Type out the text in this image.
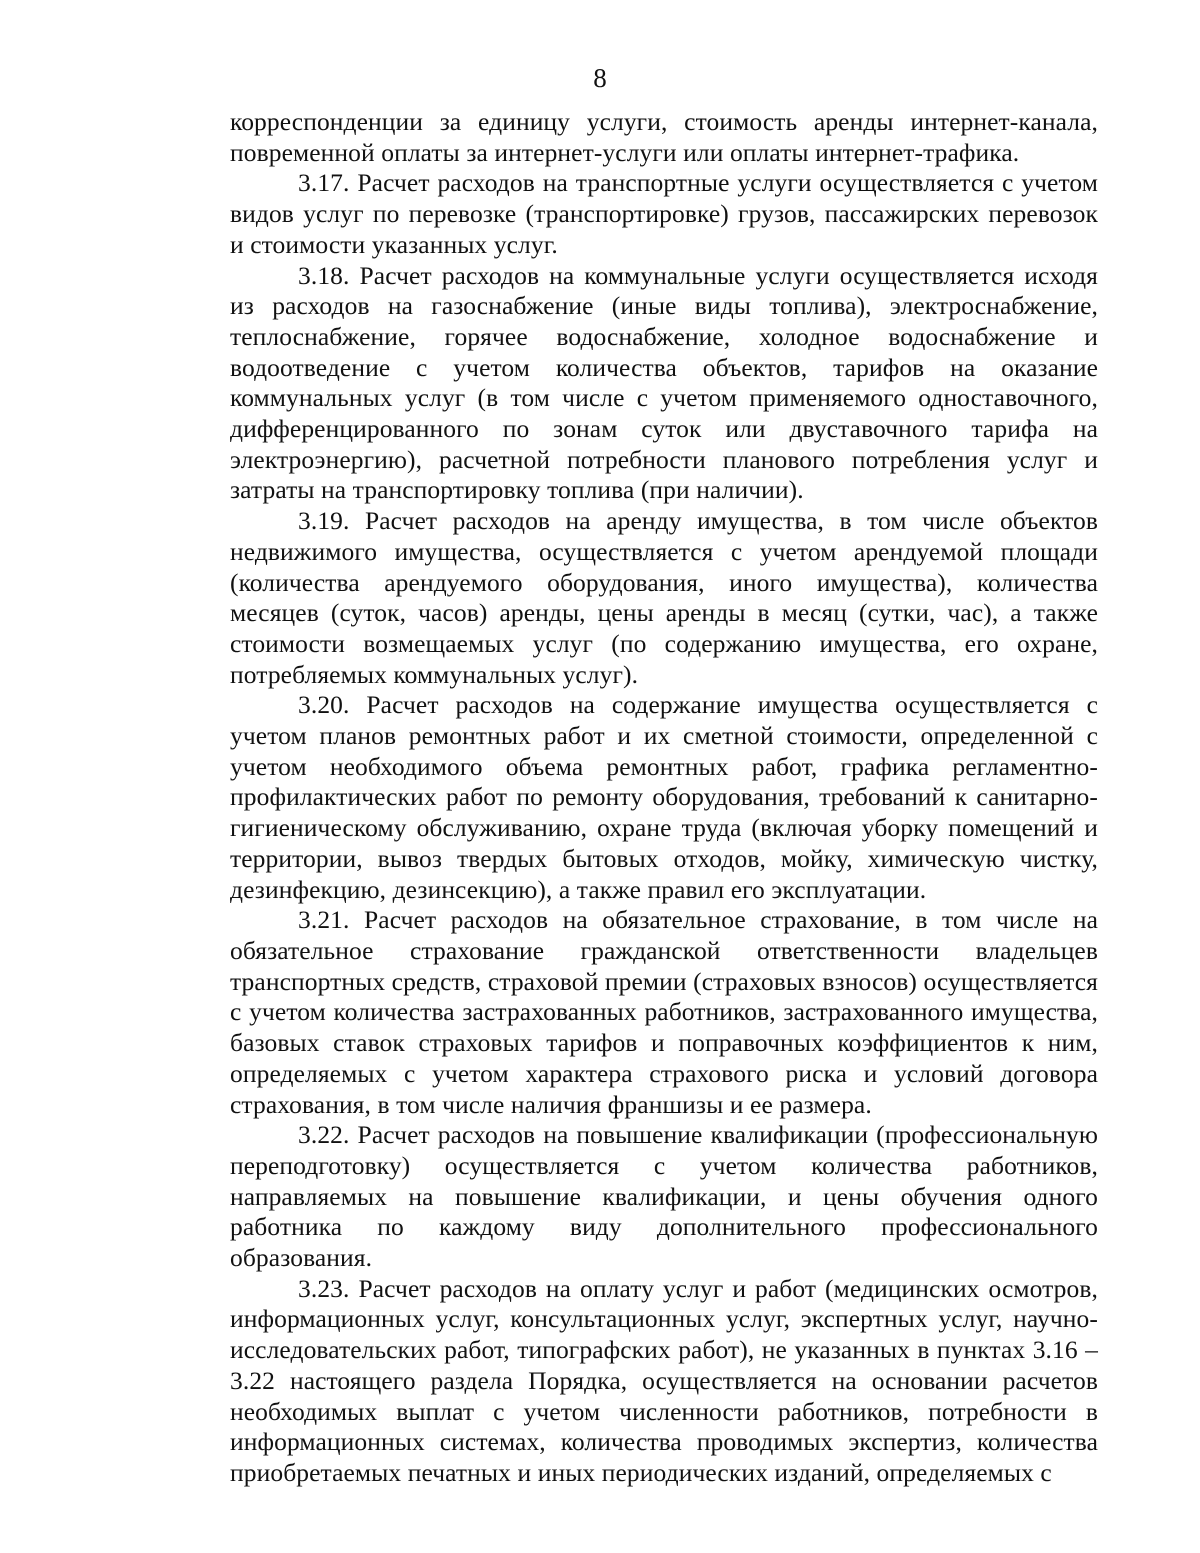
8

корреспонденции за единицу услуги, стоимость аренды интернет-канала, повременной оплаты за интернет-услуги или оплаты интернет-трафика.

3.17. Расчет расходов на транспортные услуги осуществляется с учетом видов услуг по перевозке (транспортировке) грузов, пассажирских перевозок и стоимости указанных услуг.

3.18. Расчет расходов на коммунальные услуги осуществляется исходя из расходов на газоснабжение (иные виды топлива), электроснабжение, теплоснабжение, горячее водоснабжение, холодное водоснабжение и водоотведение с учетом количества объектов, тарифов на оказание коммунальных услуг (в том числе с учетом применяемого одноставочного, дифференцированного по зонам суток или двуставочного тарифа на электроэнергию), расчетной потребности планового потребления услуг и затраты на транспортировку топлива (при наличии).

3.19. Расчет расходов на аренду имущества, в том числе объектов недвижимого имущества, осуществляется с учетом арендуемой площади (количества арендуемого оборудования, иного имущества), количества месяцев (суток, часов) аренды, цены аренды в месяц (сутки, час), а также стоимости возмещаемых услуг (по содержанию имущества, его охране, потребляемых коммунальных услуг).

3.20. Расчет расходов на содержание имущества осуществляется с учетом планов ремонтных работ и их сметной стоимости, определенной с учетом необходимого объема ремонтных работ, графика регламентно-профилактических работ по ремонту оборудования, требований к санитарно-гигиеническому обслуживанию, охране труда (включая уборку помещений и территории, вывоз твердых бытовых отходов, мойку, химическую чистку, дезинфекцию, дезинсекцию), а также правил его эксплуатации.

3.21. Расчет расходов на обязательное страхование, в том числе на обязательное страхование гражданской ответственности владельцев транспортных средств, страховой премии (страховых взносов) осуществляется с учетом количества застрахованных работников, застрахованного имущества, базовых ставок страховых тарифов и поправочных коэффициентов к ним, определяемых с учетом характера страхового риска и условий договора страхования, в том числе наличия франшизы и ее размера.

3.22. Расчет расходов на повышение квалификации (профессиональную переподготовку) осуществляется с учетом количества работников, направляемых на повышение квалификации, и цены обучения одного работника по каждому виду дополнительного профессионального образования.

3.23. Расчет расходов на оплату услуг и работ (медицинских осмотров, информационных услуг, консультационных услуг, экспертных услуг, научно-исследовательских работ, типографских работ), не указанных в пунктах 3.16 – 3.22 настоящего раздела Порядка, осуществляется на основании расчетов необходимых выплат с учетом численности работников, потребности в информационных системах, количества проводимых экспертиз, количества приобретаемых печатных и иных периодических изданий, определяемых с
